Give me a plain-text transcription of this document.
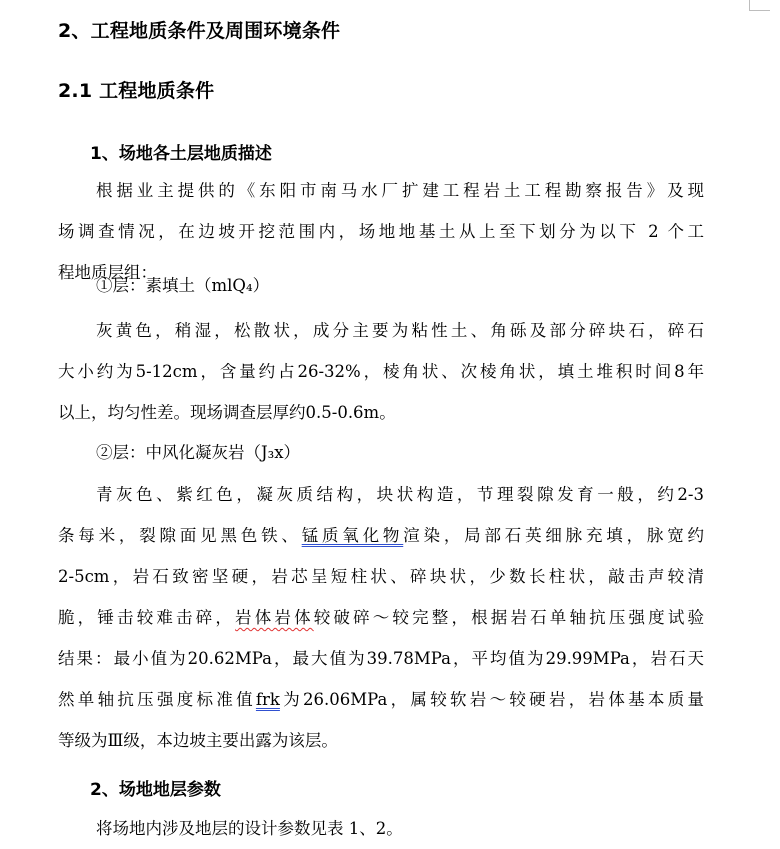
2、工程地质条件及周围环境条件
2.1 工程地质条件
1、场地各土层地质描述
根据业主提供的《东阳市南马水厂扩建工程岩土工程勘察报告》及现
场调查情况，在边坡开挖范围内，场地地基土从上至下划分为以下 2 个工
程地质层组：
①层：素填土（mlQ₄）
灰黄色，稍湿，松散状，成分主要为粘性土、角砾及部分碎块石，碎石
大小约为5-12cm，含量约占26-32%，棱角状、次棱角状，填土堆积时间8年
以上，均匀性差。现场调查层厚约0.5-0.6m。
②层：中风化凝灰岩（J₃x）
青灰色、紫红色，凝灰质结构，块状构造，节理裂隙发育一般，约2-3
条每米，裂隙面见黑色铁、锰质氧化物渲染，局部石英细脉充填，脉宽约
2-5cm，岩石致密坚硬，岩芯呈短柱状、碎块状，少数长柱状，敲击声较清
脆，锤击较难击碎，岩体岩体较破碎～较完整，根据岩石单轴抗压强度试验
结果：最小值为20.62MPa，最大值为39.78MPa，平均值为29.99MPa，岩石天
然单轴抗压强度标准值frk为26.06MPa，属较软岩～较硬岩，岩体基本质量
等级为Ⅲ级，本边坡主要出露为该层。
2、场地地层参数
将场地内涉及地层的设计参数见表 1、2。
